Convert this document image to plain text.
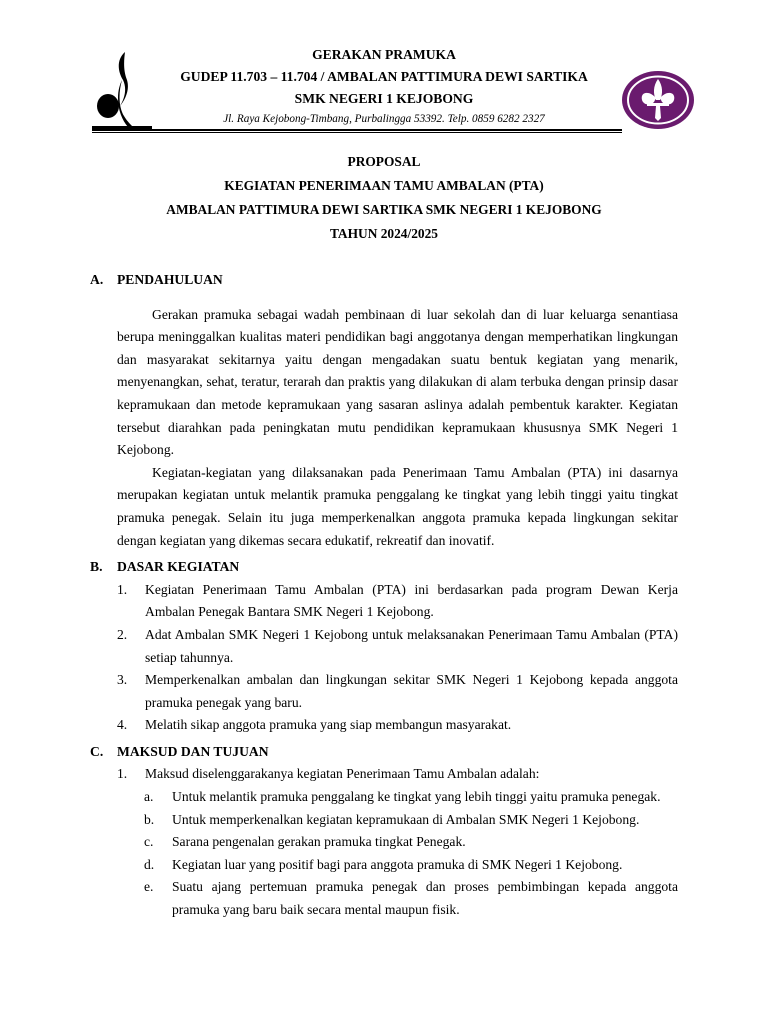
GERAKAN PRAMUKA
GUDEP 11.703 – 11.704 / AMBALAN PATTIMURA DEWI SARTIKA
SMK NEGERI 1 KEJOBONG
Jl. Raya Kejobong-Timbang, Purbalingga 53392. Telp. 0859 6282 2327
PROPOSAL
KEGIATAN PENERIMAAN TAMU AMBALAN (PTA)
AMBALAN PATTIMURA DEWI SARTIKA SMK NEGERI 1 KEJOBONG
TAHUN 2024/2025
A. PENDAHULUAN
Gerakan pramuka sebagai wadah pembinaan di luar sekolah dan di luar keluarga senantiasa berupa meninggalkan kualitas materi pendidikan bagi anggotanya dengan memperhatikan lingkungan dan masyarakat sekitarnya yaitu dengan mengadakan suatu bentuk kegiatan yang menarik, menyenangkan, sehat, teratur, terarah dan praktis yang dilakukan di alam terbuka dengan prinsip dasar kepramukaan dan metode kepramukaan yang sasaran aslinya adalah pembentuk karakter. Kegiatan tersebut diarahkan pada peningkatan mutu pendidikan kepramukaan khususnya SMK Negeri 1 Kejobong.
Kegiatan-kegiatan yang dilaksanakan pada Penerimaan Tamu Ambalan (PTA) ini dasarnya merupakan kegiatan untuk melantik pramuka penggalang ke tingkat yang lebih tinggi yaitu tingkat pramuka penegak. Selain itu juga memperkenalkan anggota pramuka kepada lingkungan sekitar dengan kegiatan yang dikemas secara edukatif, rekreatif dan inovatif.
B. DASAR KEGIATAN
1. Kegiatan Penerimaan Tamu Ambalan (PTA) ini berdasarkan pada program Dewan Kerja Ambalan Penegak Bantara SMK Negeri 1 Kejobong.
2. Adat Ambalan SMK Negeri 1 Kejobong untuk melaksanakan Penerimaan Tamu Ambalan (PTA) setiap tahunnya.
3. Memperkenalkan ambalan dan lingkungan sekitar SMK Negeri 1 Kejobong kepada anggota pramuka penegak yang baru.
4. Melatih sikap anggota pramuka yang siap membangun masyarakat.
C. MAKSUD DAN TUJUAN
1. Maksud diselenggarakanya kegiatan Penerimaan Tamu Ambalan adalah:
a. Untuk melantik pramuka penggalang ke tingkat yang lebih tinggi yaitu pramuka penegak.
b. Untuk memperkenalkan kegiatan kepramukaan di Ambalan SMK Negeri 1 Kejobong.
c. Sarana pengenalan gerakan pramuka tingkat Penegak.
d. Kegiatan luar yang positif bagi para anggota pramuka di SMK Negeri 1 Kejobong.
e. Suatu ajang pertemuan pramuka penegak dan proses pembimbingan kepada anggota pramuka yang baru baik secara mental maupun fisik.
